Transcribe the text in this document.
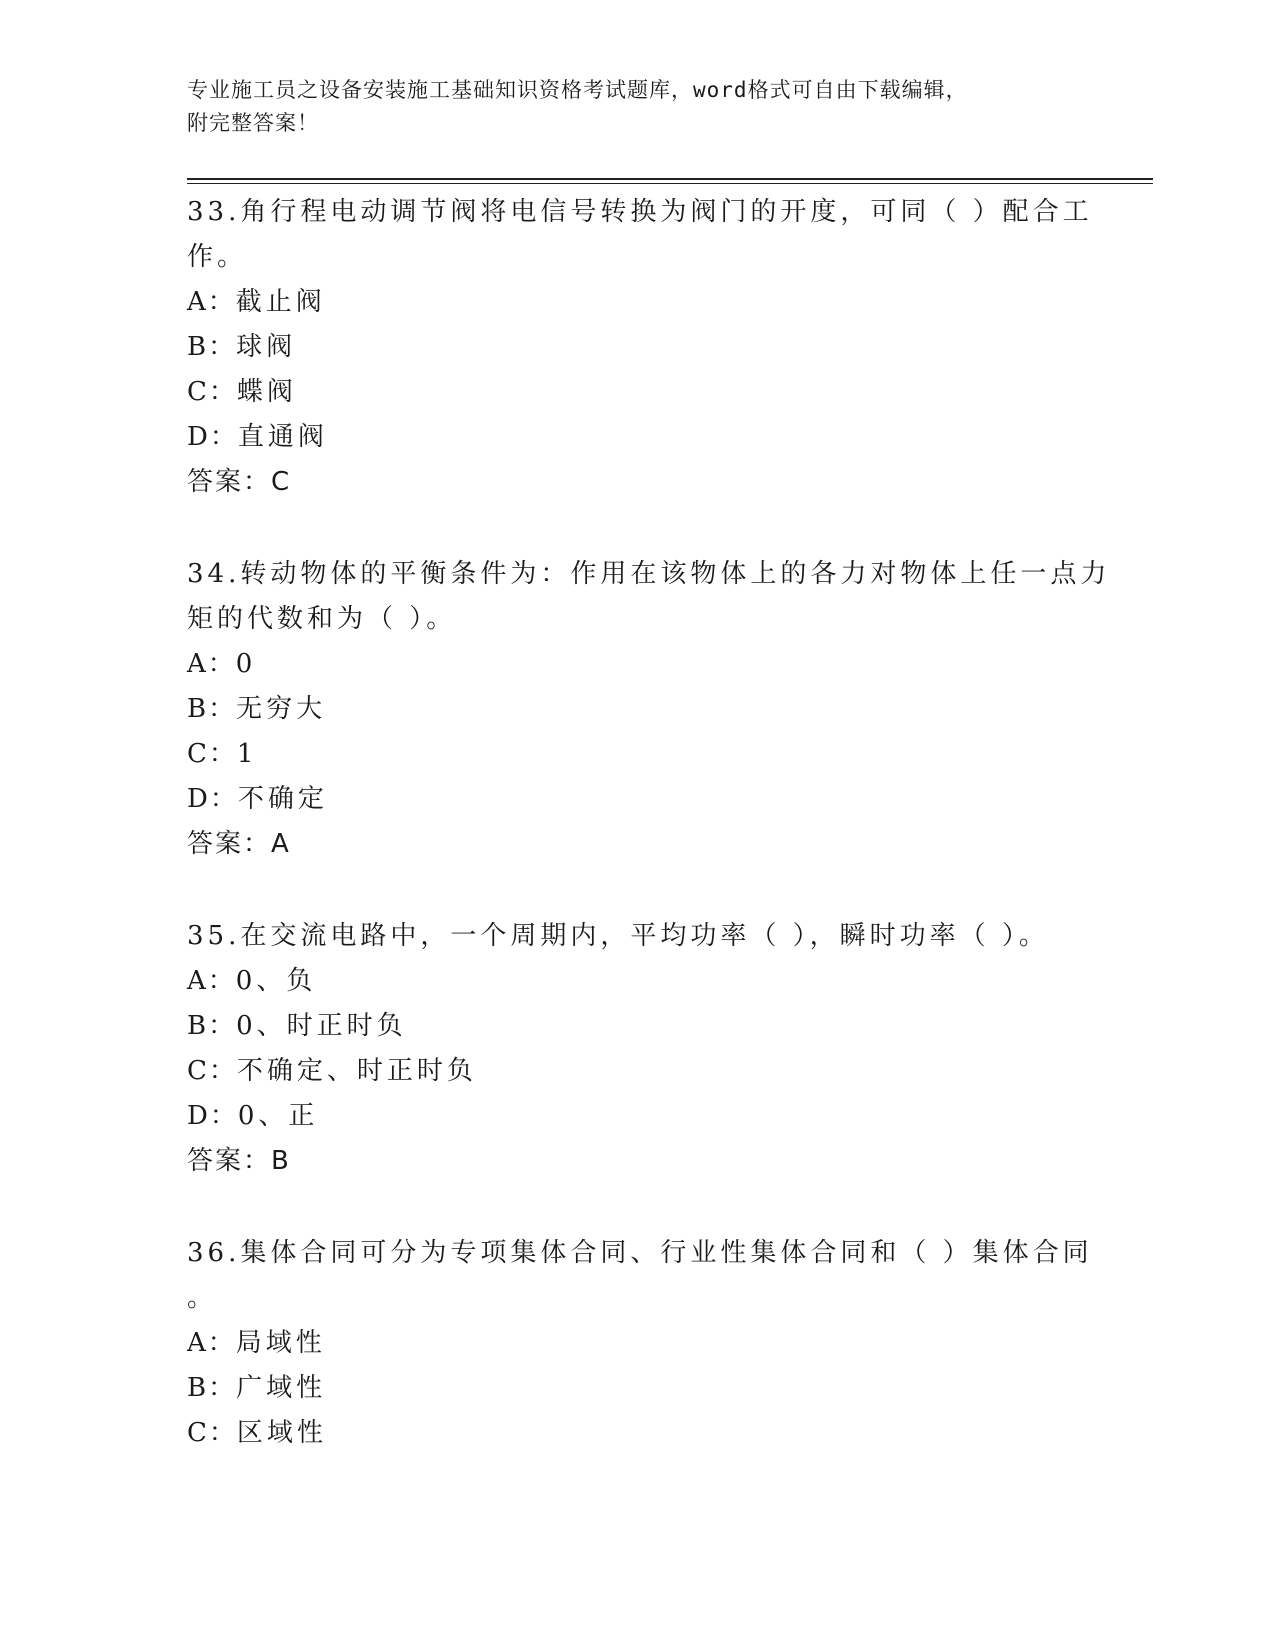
专业施工员之设备安装施工基础知识资格考试题库，word格式可自由下载编辑，
附完整答案！
33.角行程电动调节阀将电信号转换为阀门的开度，可同（ ）配合工
作。
A：截止阀
B：球阀
C：蝶阀
D：直通阀
答案：C
34.转动物体的平衡条件为：作用在该物体上的各力对物体上任一点力
矩的代数和为（ ）。
A：0
B：无穷大
C：1
D：不确定
答案：A
35.在交流电路中，一个周期内，平均功率（ ），瞬时功率（ ）。
A：0、负
B：0、时正时负
C：不确定、时正时负
D：0、正
答案：B
36.集体合同可分为专项集体合同、行业性集体合同和（ ）集体合同
。
A：局域性
B：广域性
C：区域性
